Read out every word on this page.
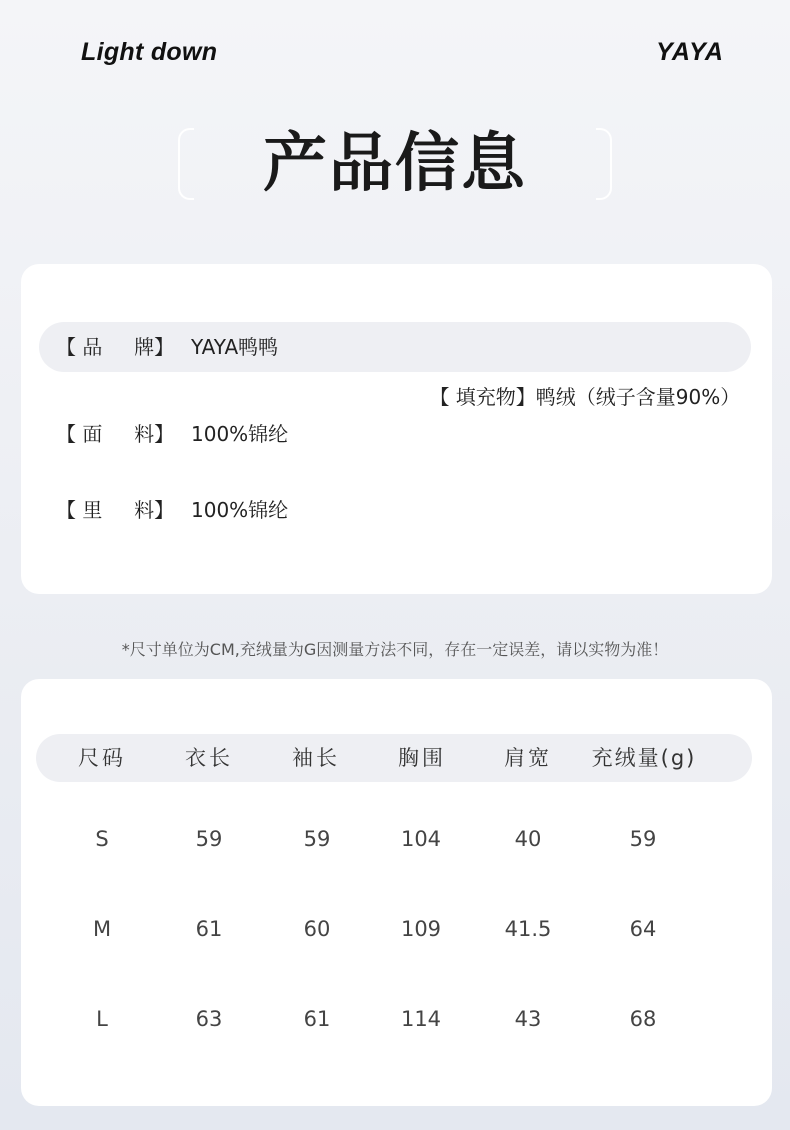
Light down	YAYA
产品信息
【 品     牌】 YAYA鸭鸭

【 填充物】鸭绒（绒子含量90%）

【 面     料】 100%锦纶
【 里     料】 100%锦纶
*尺寸单位为CM,充绒量为G因测量方法不同，存在一定误差，请以实物为准！
尺码	衣长	袖长	胸围	肩宽	充绒量(g)
S	59	59	104	40	59
M	61	60	109	41.5	64
L	63	61	114	43	68
